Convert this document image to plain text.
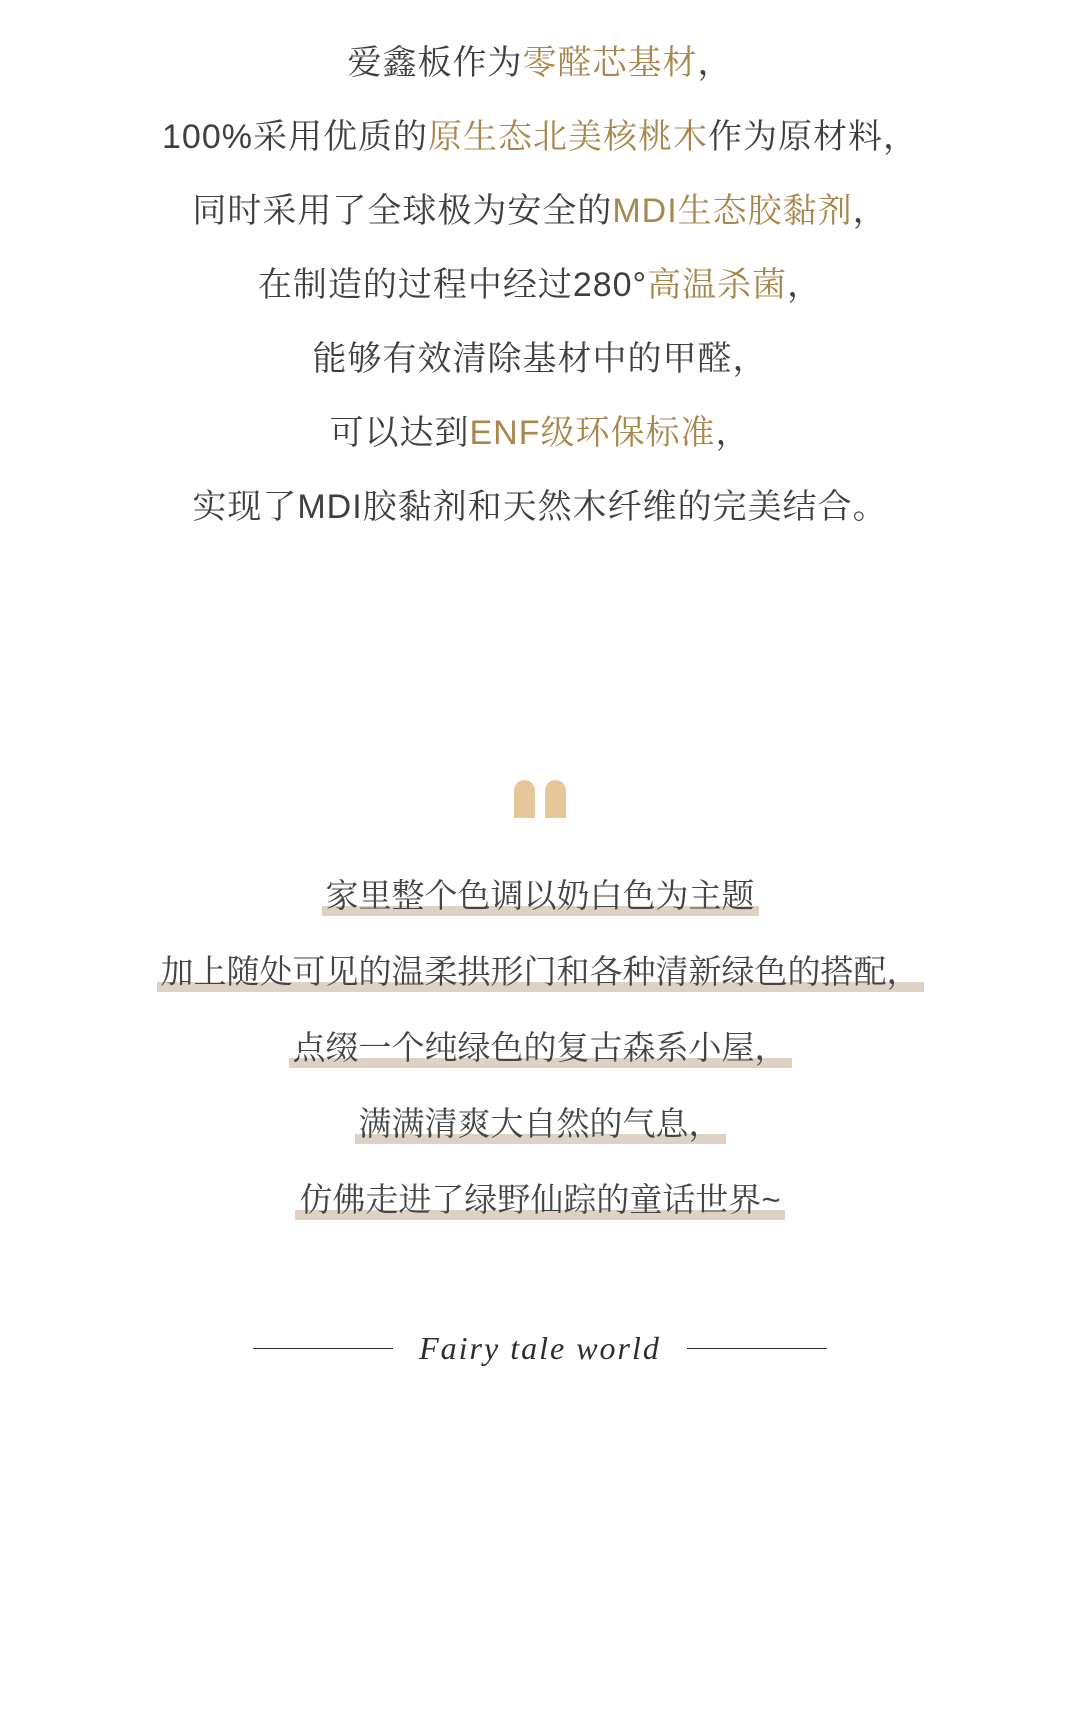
爱鑫板作为零醛芯基材，
100%采用优质的原生态北美核桃木作为原材料，
同时采用了全球极为安全的MDI生态胶黏剂，
在制造的过程中经过280°高温杀菌，
能够有效清除基材中的甲醛，
可以达到ENF级环保标准，
实现了MDI胶黏剂和天然木纤维的完美结合。
家里整个色调以奶白色为主题
加上随处可见的温柔拱形门和各种清新绿色的搭配，
点缀一个纯绿色的复古森系小屋，
满满清爽大自然的气息，
仿佛走进了绿野仙踪的童话世界~
Fairy tale world
